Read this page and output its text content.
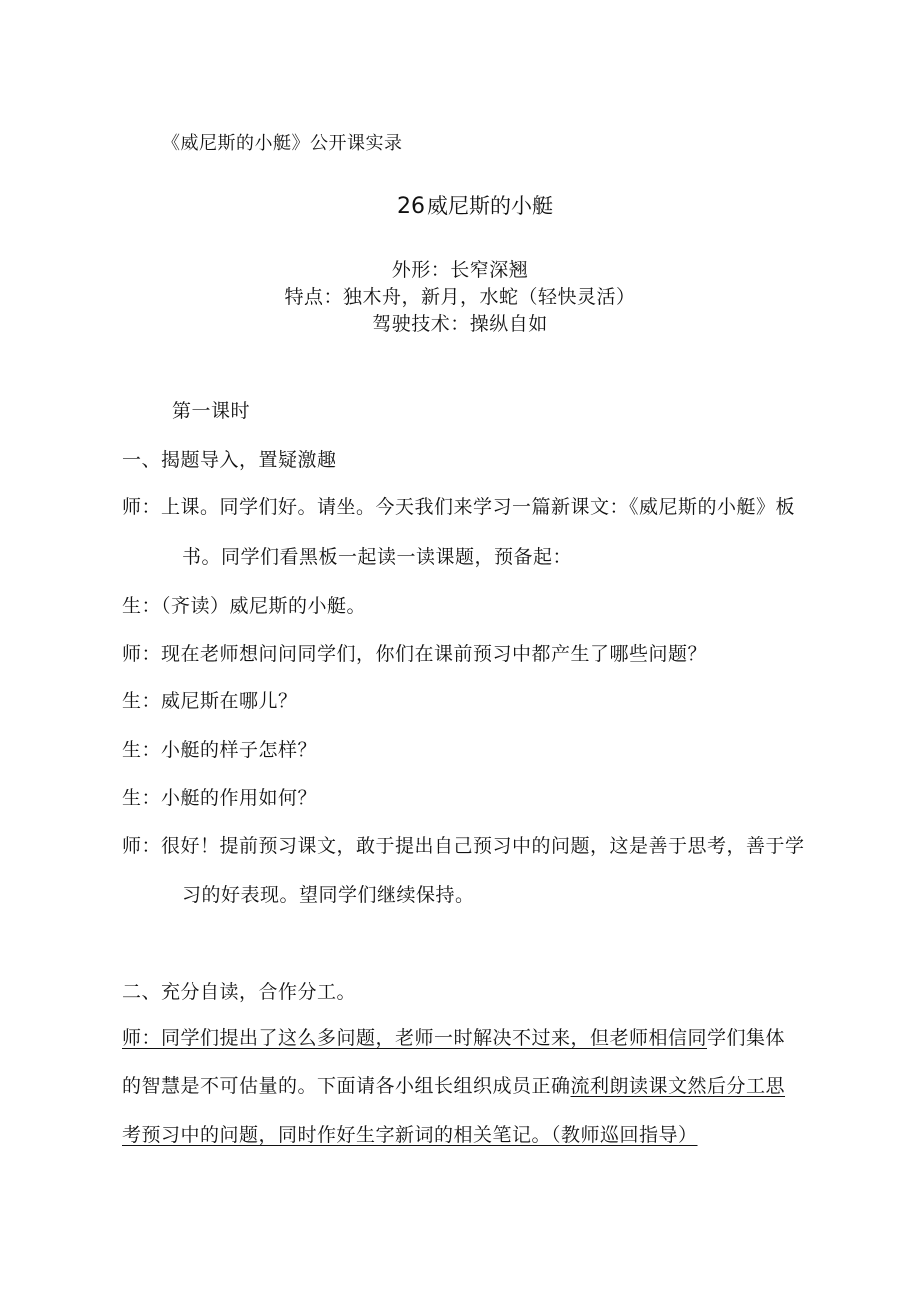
《威尼斯的小艇》公开课实录
26威尼斯的小艇
外形：长窄深翘
特点：独木舟，新月，水蛇（轻快灵活）
驾驶技术：操纵自如
第一课时
一、揭题导入，置疑激趣
师：上课。同学们好。请坐。今天我们来学习一篇新课文：《威尼斯的小艇》板
书。同学们看黑板一起读一读课题，预备起：
生：（齐读）威尼斯的小艇。
师：现在老师想问问同学们，你们在课前预习中都产生了哪些问题？
生：威尼斯在哪儿？
生：小艇的样子怎样？
生：小艇的作用如何？
师：很好！提前预习课文，敢于提出自己预习中的问题，这是善于思考，善于学
习的好表现。望同学们继续保持。
二、充分自读，合作分工。
师：同学们提出了这么多问题，老师一时解决不过来，但老师相信同学们集体
的智慧是不可估量的。下面请各小组长组织成员正确流利朗读课文然后分工思
考预习中的问题，同时作好生字新词的相关笔记。（教师巡回指导）
